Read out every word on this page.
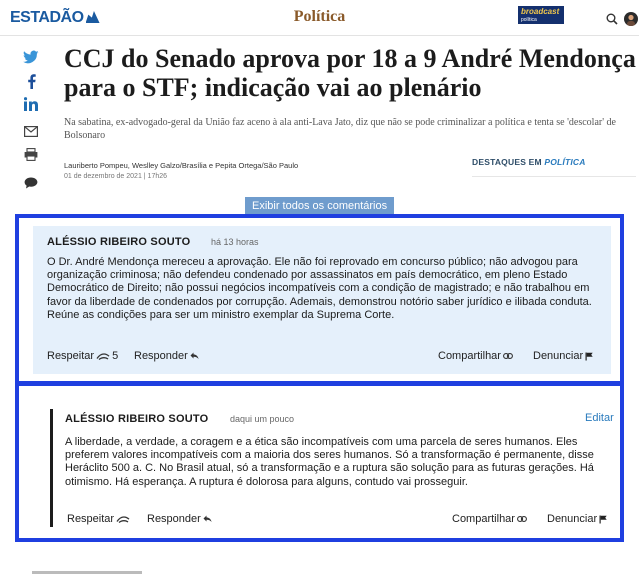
ESTADÃO	Política	broadcast
política
CCJ do Senado aprova por 18 a 9 André Mendonça para o STF; indicação vai ao plenário

Na sabatina, ex-advogado-geral da União faz aceno à ala anti-Lava Jato, diz que não se pode criminalizar a política e tenta se 'descolar' de Bolsonaro

Lauriberto Pompeu, Weslley Galzo/Brasília e Pepita Ortega/São Paulo
01 de dezembro de 2021 | 17h26
DESTAQUES EM POLÍTICA
Exibir todos os comentários
ALÉSSIO RIBEIRO SOUTO há 13 horas

O Dr. André Mendonça mereceu a aprovação. Ele não foi reprovado em concurso público; não advogou para organização criminosa; não defendeu condenado por assassinatos em país democrático, em pleno Estado Democrático de Direito; não possui negócios incompatíveis com a condição de magistrado; e não trabalhou em favor da liberdade de condenados por corrupção. Ademais, demonstrou notório saber jurídico e ilibada conduta. Reúne as condições para ser um ministro exemplar da Suprema Corte.

Respeitar 5 Responder	Compartilhar	Denunciar
ALÉSSIO RIBEIRO SOUTO daqui um pouco	Editar

A liberdade, a verdade, a coragem e a ética são incompatíveis com uma parcela de seres humanos. Eles preferem valores incompatíveis com a maioria dos seres humanos. Só a transformação é permanente, disse Heráclito 500 a. C. No Brasil atual, só a transformação e a ruptura são solução para as futuras gerações. Há otimismo. Há esperança. A ruptura é dolorosa para alguns, contudo vai prosseguir.

Respeitar	Responder	Compartilhar	Denunciar
